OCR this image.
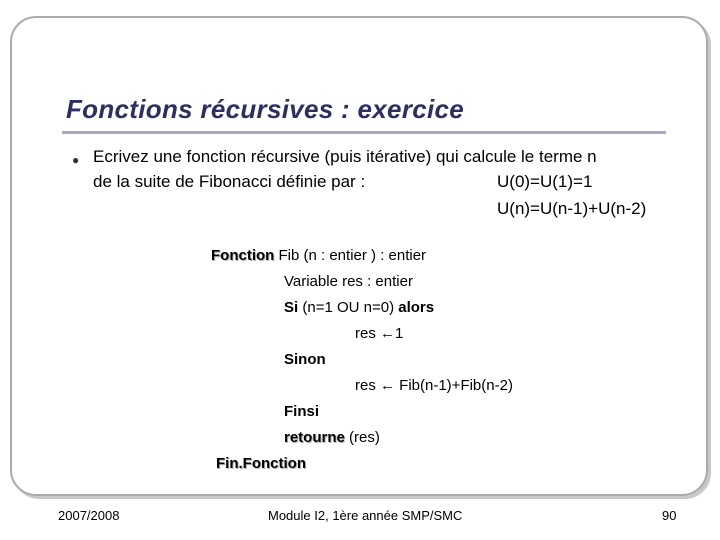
Fonctions récursives : exercice
● Ecrivez une fonction récursive (puis itérative) qui calcule le terme n
de la suite de Fibonacci définie par :	U(0)=U(1)=1
U(n)=U(n-1)+U(n-2)
Fonction Fib (n : entier ) : entier
Variable res : entier
Si (n=1 OU n=0) alors
res ←1
Sinon
res ← Fib(n-1)+Fib(n-2)
Finsi
retourne (res)
Fin.Fonction
2007/2008	Module I2, 1ère année SMP/SMC	90
